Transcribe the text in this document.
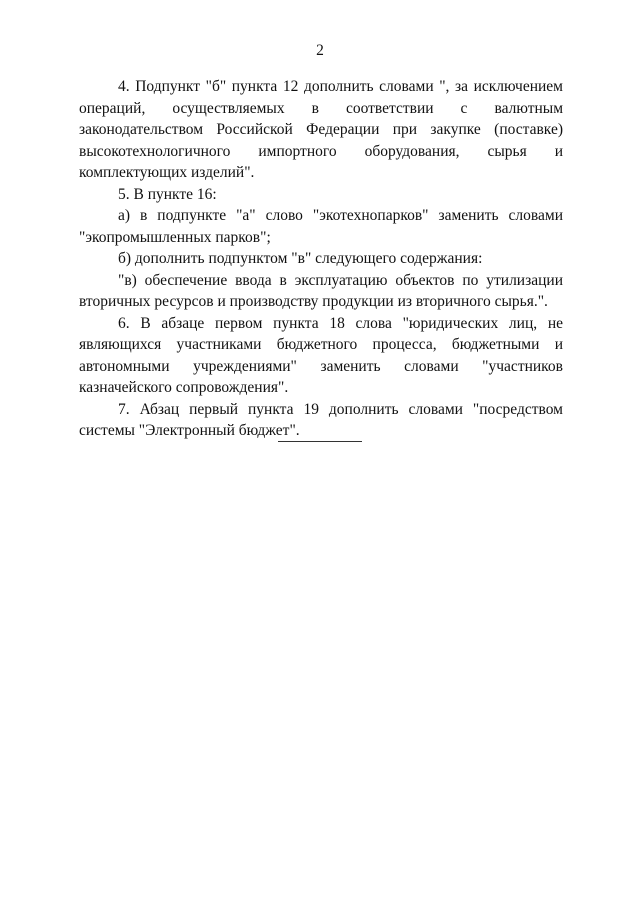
2

4. Подпункт "б" пункта 12 дополнить словами ", за исключением операций, осуществляемых в соответствии с валютным законодательством Российской Федерации при закупке (поставке) высокотехнологичного импортного оборудования, сырья и комплектующих изделий".

5. В пункте 16:

а) в подпункте "а" слово "экотехнопарков" заменить словами "экопромышленных парков";

б) дополнить подпунктом "в" следующего содержания:

"в) обеспечение ввода в эксплуатацию объектов по утилизации вторичных ресурсов и производству продукции из вторичного сырья.".

6. В абзаце первом пункта 18 слова "юридических лиц, не являющихся участниками бюджетного процесса, бюджетными и автономными учреждениями" заменить словами "участников казначейского сопровождения".

7. Абзац первый пункта 19 дополнить словами "посредством системы "Электронный бюджет".
